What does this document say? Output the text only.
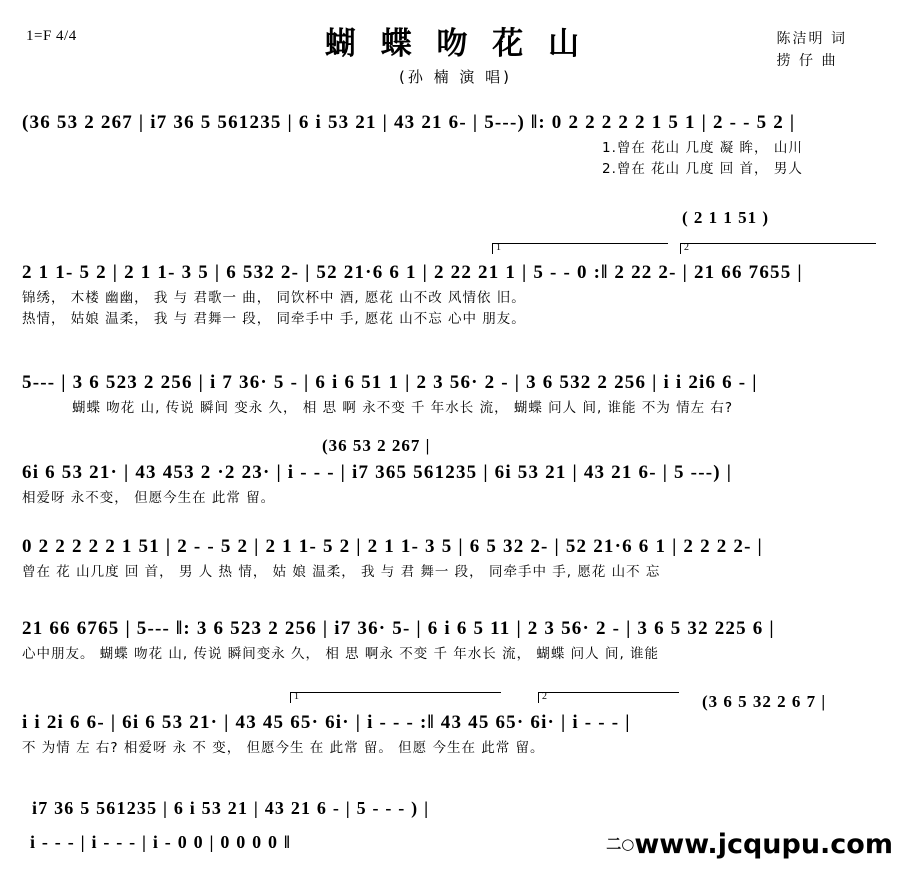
1=F 4/4	蝴 蝶 吻 花 山
(孙 楠 演 唱)
陈洁明 词
捞 仔 曲
(36 53 2 267 | i7 36 5 561235 | 6 i 53 21 | 43 21 6- | 5---) ‖: 0 2 2 2 2 2 1 5 1 | 2 - - 5 2 |
1.曾在 花山 几度 凝 眸， 山川
2.曾在 花山 几度 回 首， 男人
( 2 1 1 51 )
1	2
2 1 1- 5 2 | 2 1 1- 3 5 | 6 532 2- | 52 21·6 6 1 | 2 22 21 1 | 5 - - 0 :‖ 2 22 2- | 21 66 7655 |
锦绣， 木楼 幽幽， 我 与 君歌一 曲， 同饮杯中 酒, 愿花 山不改 风情依 旧。
热情， 姑娘 温柔， 我 与 君舞一 段， 同牵手中 手, 愿花 山不忘 心中 朋友。
5--- | 3 6 523 2 256 | i 7 36· 5 - | 6 i 6 51 1 | 2 3 56· 2 - | 3 6 532 2 256 | i i 2i6 6 - |
蝴蝶 吻花 山, 传说 瞬间 变永 久， 相 思 啊 永不变 千 年水长 流， 蝴蝶 问人 间, 谁能 不为 情左 右?
(36 53 2 267 |
6i 6 53 21· | 43 453 2 ·2 23· | i - - - | i7 365 561235 | 6i 53 21 | 43 21 6- | 5 ---) |
相爱呀 永不变， 但愿今生在 此常 留。
0 2 2 2 2 2 1 51 | 2 - - 5 2 | 2 1 1- 5 2 | 2 1 1- 3 5 | 6 5 32 2- | 52 21·6 6 1 | 2 2 2 2- |
曾在 花 山几度 回 首， 男 人 热 情， 姑 娘 温柔， 我 与 君 舞一 段， 同牵手中 手, 愿花 山不 忘
21 66 6765 | 5--- ‖: 3 6 523 2 256 | i7 36· 5- | 6 i 6 5 11 | 2 3 56· 2 - | 3 6 5 32 225 6 |
心中朋友。 蝴蝶 吻花 山, 传说 瞬间变永 久， 相 思 啊永 不变 千 年水长 流， 蝴蝶 问人 间, 谁能
1	2	(3 6 5 32 2 6 7 |
i i 2i 6 6- | 6i 6 53 21· | 43 45 65· 6i· | i - - - :‖ 43 45 65· 6i· | i - - - |
不 为情 左 右? 相爱呀 永 不 变， 但愿今生 在 此常 留。 但愿 今生在 此常 留。
i7 36 5 561235 | 6 i 53 21 | 43 21 6 - | 5 - - - ) |
i - - - | i - - - | i - 0 0 | 0 0 0 0 ‖	二○www.jcqupu.com
